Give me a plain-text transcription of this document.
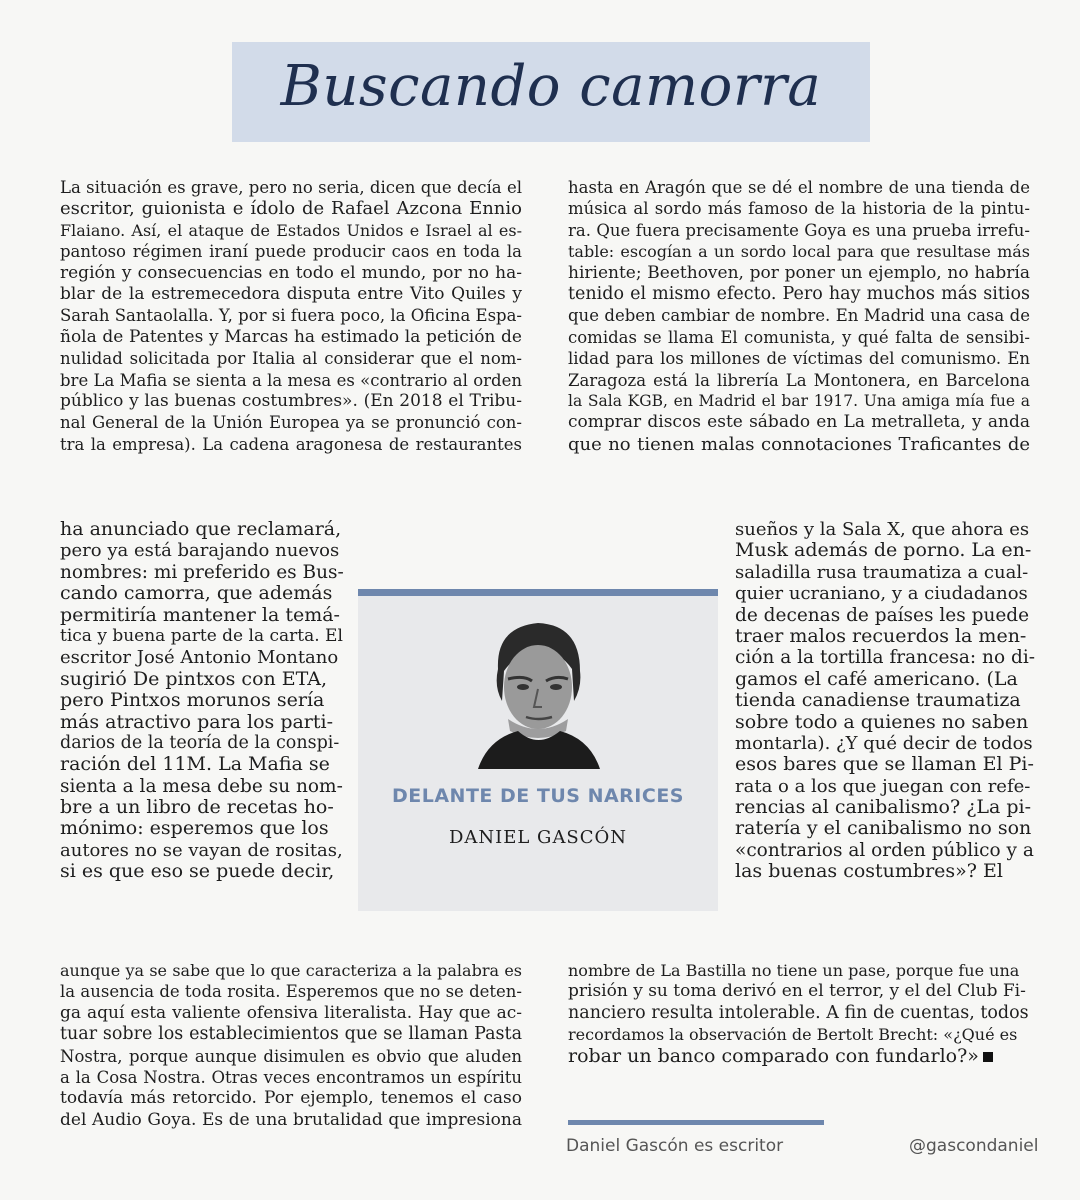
Buscando camorra
La situación es grave, pero no seria, dicen que decía el
escritor, guionista e ídolo de Rafael Azcona Ennio
Flaiano. Así, el ataque de Estados Unidos e Israel al es-
pantoso régimen iraní puede producir caos en toda la
región y consecuencias en todo el mundo, por no ha-
blar de la estremecedora disputa entre Vito Quiles y
Sarah Santaolalla. Y, por si fuera poco, la Oficina Espa-
ñola de Patentes y Marcas ha estimado la petición de
nulidad solicitada por Italia al considerar que el nom-
bre La Mafia se sienta a la mesa es «contrario al orden
público y las buenas costumbres». (En 2018 el Tribu-
nal General de la Unión Europea ya se pronunció con-
tra la empresa). La cadena aragonesa de restaurantes
ha anunciado que reclamará,
pero ya está barajando nuevos
nombres: mi preferido es Bus-
cando camorra, que además
permitiría mantener la temá-
tica y buena parte de la carta. El
escritor José Antonio Montano
sugirió De pintxos con ETA,
pero Pintxos morunos sería
más atractivo para los parti-
darios de la teoría de la conspi-
ración del 11M. La Mafia se
sienta a la mesa debe su nom-
bre a un libro de recetas ho-
mónimo: esperemos que los
autores no se vayan de rositas,
si es que eso se puede decir,
aunque ya se sabe que lo que caracteriza a la palabra es
la ausencia de toda rosita. Esperemos que no se deten-
ga aquí esta valiente ofensiva literalista. Hay que ac-
tuar sobre los establecimientos que se llaman Pasta
Nostra, porque aunque disimulen es obvio que aluden
a la Cosa Nostra. Otras veces encontramos un espíritu
todavía más retorcido. Por ejemplo, tenemos el caso
del Audio Goya. Es de una brutalidad que impresiona
hasta en Aragón que se dé el nombre de una tienda de
música al sordo más famoso de la historia de la pintu-
ra. Que fuera precisamente Goya es una prueba irrefu-
table: escogían a un sordo local para que resultase más
hiriente; Beethoven, por poner un ejemplo, no habría
tenido el mismo efecto. Pero hay muchos más sitios
que deben cambiar de nombre. En Madrid una casa de
comidas se llama El comunista, y qué falta de sensibi-
lidad para los millones de víctimas del comunismo. En
Zaragoza está la librería La Montonera, en Barcelona
la Sala KGB, en Madrid el bar 1917. Una amiga mía fue a
comprar discos este sábado en La metralleta, y anda
que no tienen malas connotaciones Traficantes de
sueños y la Sala X, que ahora es
Musk además de porno. La en-
saladilla rusa traumatiza a cual-
quier ucraniano, y a ciudadanos
de decenas de países les puede
traer malos recuerdos la men-
ción a la tortilla francesa: no di-
gamos el café americano. (La
tienda canadiense traumatiza
sobre todo a quienes no saben
montarla). ¿Y qué decir de todos
esos bares que se llaman El Pi-
rata o a los que juegan con refe-
rencias al canibalismo? ¿La pi-
ratería y el canibalismo no son
«contrarios al orden público y a
las buenas costumbres»? El
nombre de La Bastilla no tiene un pase, porque fue una
prisión y su toma derivó en el terror, y el del Club Fi-
nanciero resulta intolerable. A fin de cuentas, todos
recordamos la observación de Bertolt Brecht: «¿Qué es
robar un banco comparado con fundarlo?»
DELANTE DE TUS NARICES
DANIEL GASCÓN
Daniel Gascón es escritor	@gascondaniel
